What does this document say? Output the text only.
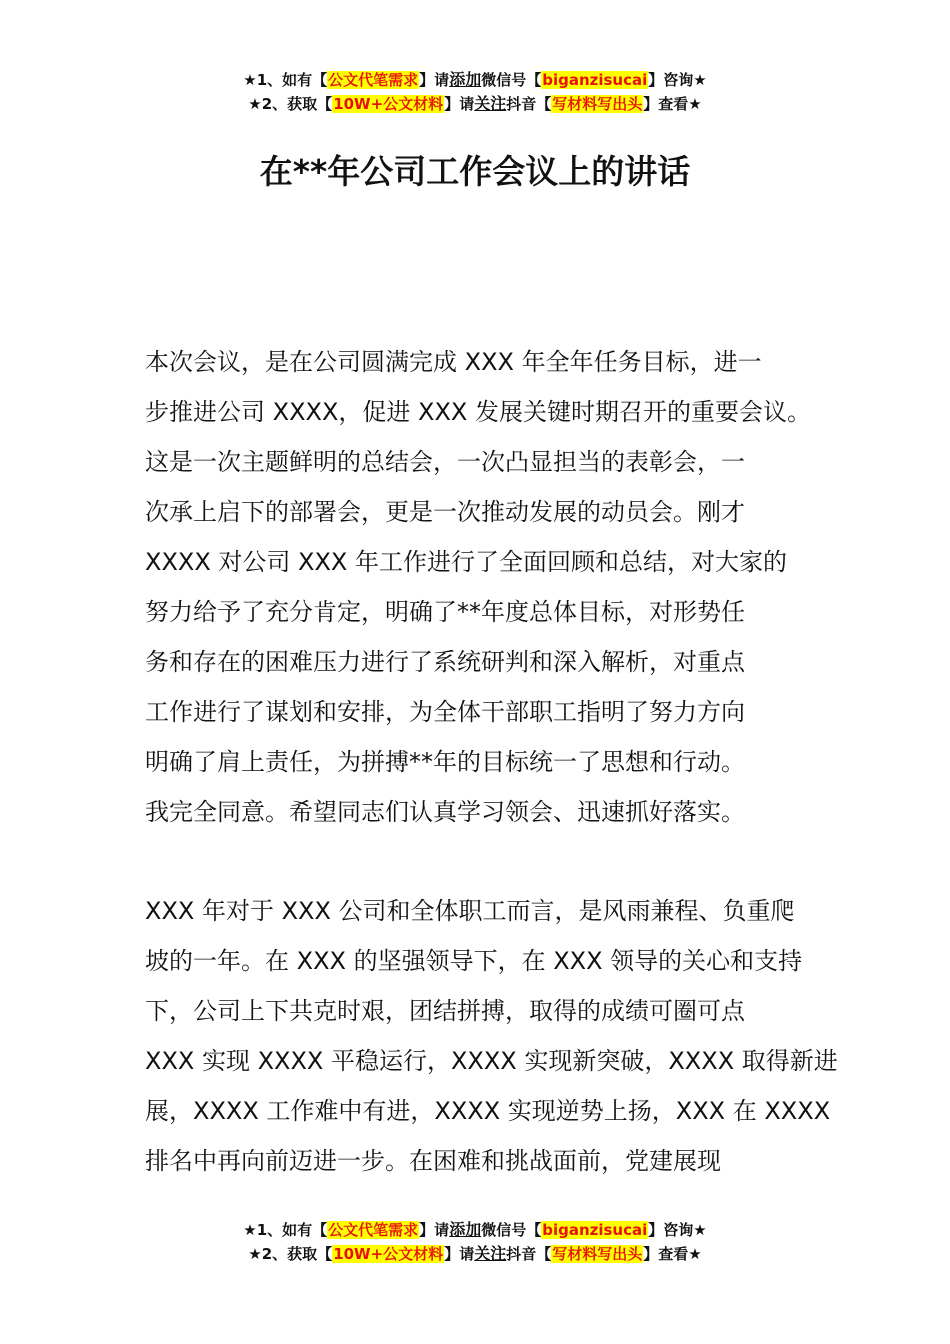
★1、如有【公文代笔需求】请添加微信号【biganzisucai】咨询★
★2、获取【10W+公文材料】请关注抖音【写材料写出头】查看★
在**年公司工作会议上的讲话
本次会议，是在公司圆满完成 XXX 年全年任务目标，进一
步推进公司 XXXX，促进 XXX 发展关键时期召开的重要会议。
这是一次主题鲜明的总结会，一次凸显担当的表彰会，一
次承上启下的部署会，更是一次推动发展的动员会。刚才
XXXX 对公司 XXX 年工作进行了全面回顾和总结，对大家的
努力给予了充分肯定，明确了**年度总体目标，对形势任
务和存在的困难压力进行了系统研判和深入解析，对重点
工作进行了谋划和安排，为全体干部职工指明了努力方向
明确了肩上责任，为拼搏**年的目标统一了思想和行动。
我完全同意。希望同志们认真学习领会、迅速抓好落实。
XXX 年对于 XXX 公司和全体职工而言，是风雨兼程、负重爬
坡的一年。在 XXX 的坚强领导下，在 XXX 领导的关心和支持
下，公司上下共克时艰，团结拼搏，取得的成绩可圈可点
XXX 实现 XXXX 平稳运行，XXXX 实现新突破，XXXX 取得新进
展，XXXX 工作难中有进，XXXX 实现逆势上扬，XXX 在 XXXX
排名中再向前迈进一步。在困难和挑战面前，党建展现
★1、如有【公文代笔需求】请添加微信号【biganzisucai】咨询★
★2、获取【10W+公文材料】请关注抖音【写材料写出头】查看★
